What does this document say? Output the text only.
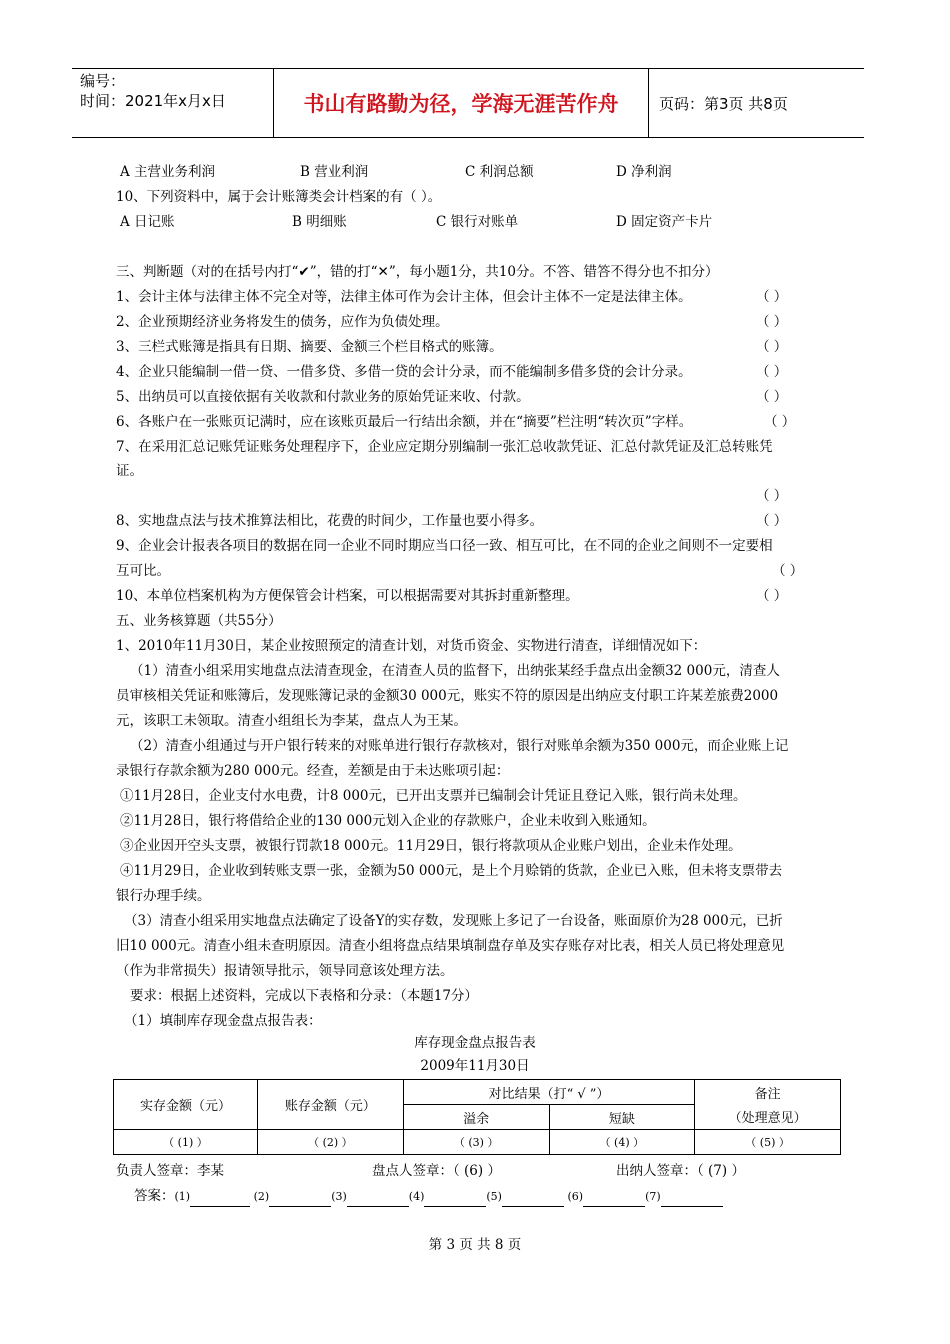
编号：
时间：2021年x月x日	书山有路勤为径，学海无涯苦作舟	页码：第3页 共8页
A 主营业务利润	B 营业利润	C 利润总额	D 净利润
10、下列资料中，属于会计账簿类会计档案的有（ ）。
A 日记账	B 明细账	C 银行对账单	D 固定资产卡片
三、判断题（对的在括号内打“✔”，错的打“✕”，每小题1分，共10分。不答、错答不得分也不扣分）
1、会计主体与法律主体不完全对等，法律主体可作为会计主体，但会计主体不一定是法律主体。	（ ）
2、企业预期经济业务将发生的债务，应作为负债处理。	（ ）
3、三栏式账簿是指具有日期、摘要、金额三个栏目格式的账簿。	（ ）
4、企业只能编制一借一贷、一借多贷、多借一贷的会计分录，而不能编制多借多贷的会计分录。	（ ）
5、出纳员可以直接依据有关收款和付款业务的原始凭证来收、付款。	（ ）
6、各账户在一张账页记满时，应在该账页最后一行结出余额，并在“摘要”栏注明“转次页”字样。	（ ）
7、在采用汇总记账凭证账务处理程序下，企业应定期分别编制一张汇总收款凭证、汇总付款凭证及汇总转账凭
证。
（ ）
8、实地盘点法与技术推算法相比，花费的时间少，工作量也要小得多。	（ ）
9、企业会计报表各项目的数据在同一企业不同时期应当口径一致、相互可比，在不同的企业之间则不一定要相
互可比。	（ ）
10、本单位档案机构为方便保管会计档案，可以根据需要对其拆封重新整理。	（ ）
五、业务核算题（共55分）
1、2010年11月30日，某企业按照预定的清查计划，对货币资金、实物进行清查，详细情况如下：
（1）清查小组采用实地盘点法清查现金，在清查人员的监督下，出纳张某经手盘点出金额32 000元，清查人
员审核相关凭证和账簿后，发现账簿记录的金额30 000元，账实不符的原因是出纳应支付职工许某差旅费2000
元，该职工未领取。清查小组组长为李某，盘点人为王某。
（2）清查小组通过与开户银行转来的对账单进行银行存款核对，银行对账单余额为350 000元，而企业账上记
录银行存款余额为280 000元。经查，差额是由于未达账项引起：
①11月28日，企业支付水电费，计8 000元，已开出支票并已编制会计凭证且登记入账，银行尚未处理。
②11月28日，银行将借给企业的130 000元划入企业的存款账户，企业未收到入账通知。
③企业因开空头支票，被银行罚款18 000元。11月29日，银行将款项从企业账户划出，企业未作处理。
④11月29日，企业收到转账支票一张，金额为50 000元，是上个月赊销的货款，企业已入账，但未将支票带去
银行办理手续。
（3）清查小组采用实地盘点法确定了设备Y的实存数，发现账上多记了一台设备，账面原价为28 000元，已折
旧10 000元。清查小组未查明原因。清查小组将盘点结果填制盘存单及实存账存对比表，相关人员已将处理意见
（作为非常损失）报请领导批示，领导同意该处理方法。
要求：根据上述资料，完成以下表格和分录：（本题17分）
（1）填制库存现金盘点报告表：
库存现金盘点报告表
2009年11月30日
实存金额（元）	账存金额（元）	对比结果（打“ √ ”）		备注
		溢余	短缺	（处理意见）
（ (1) ）	（ (2) ）	（ (3) ）	（ (4) ）	（ (5) ）
负责人签章：李某	盘点人签章：（ (6) ）	出纳人签章：（ (7) ）
答案：(1)	(2)	(3)	(4)	(5)	(6)	(7)
第 3 页 共 8 页
